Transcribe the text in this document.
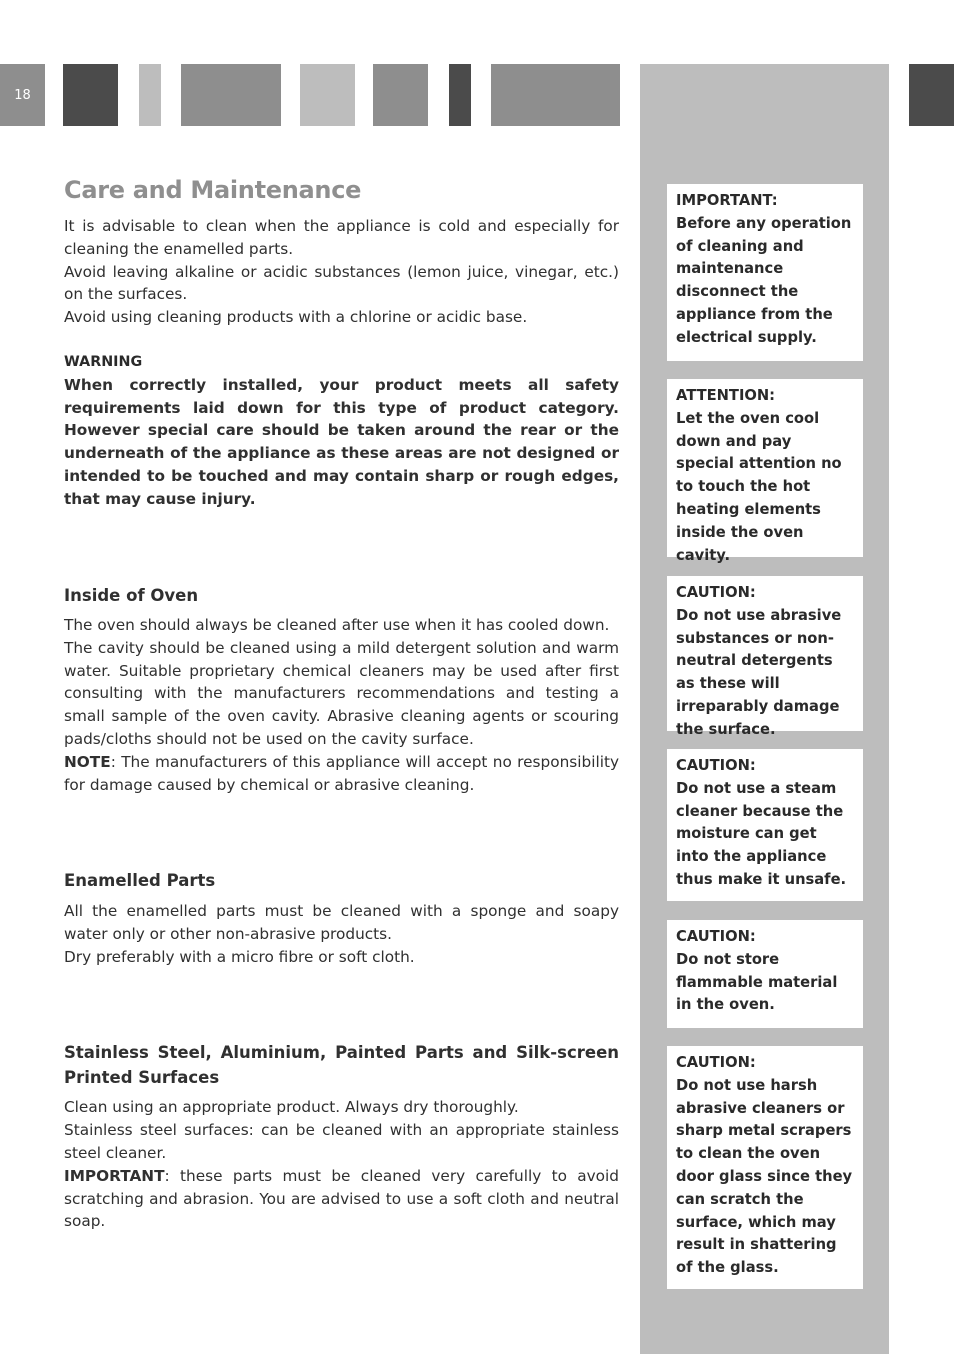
18
Care and Maintenance

It is advisable to clean when the appliance is cold and especially for cleaning the enamelled parts.

Avoid leaving alkaline or acidic substances (lemon juice, vinegar, etc.) on the surfaces.

Avoid using cleaning products with a chlorine or acidic base.

WARNING

When correctly installed, your product meets all safety requirements laid down for this type of product category. However special care should be taken around the rear or the underneath of the appliance as these areas are not designed or intended to be touched and may contain sharp or rough edges, that may cause injury.

Inside of Oven

The oven should always be cleaned after use when it has cooled down.

The cavity should be cleaned using a mild detergent solution and warm water. Suitable proprietary chemical cleaners may be used after first consulting with the manufacturers recommendations and testing a small sample of the oven cavity. Abrasive cleaning agents or scouring pads/cloths should not be used on the cavity surface.

NOTE: The manufacturers of this appliance will accept no responsibility for damage caused by chemical or abrasive cleaning.

Enamelled Parts

All the enamelled parts must be cleaned with a sponge and soapy water only or other non-abrasive products.

Dry preferably with a micro fibre or soft cloth.

Stainless Steel, Aluminium, Painted Parts and Silk-screen Printed Surfaces

Clean using an appropriate product. Always dry thoroughly.

Stainless steel surfaces: can be cleaned with an appropriate stainless steel cleaner.

IMPORTANT: these parts must be cleaned very carefully to avoid scratching and abrasion. You are advised to use a soft cloth and neutral soap.

IMPORTANT:
Before any operation of cleaning and maintenance disconnect the appliance from the electrical supply.
ATTENTION:
Let the oven cool down and pay special attention no to touch the hot heating elements inside the oven cavity.
CAUTION:
Do not use abrasive substances or non-neutral detergents as these will irreparably damage the surface.
CAUTION:
Do not use a steam cleaner because the moisture can get into the appliance thus make it unsafe.
CAUTION:
Do not store flammable material in the oven.
CAUTION:
Do not use harsh abrasive cleaners or sharp metal scrapers to clean the oven door glass since they can scratch the surface, which may result in shattering of the glass.
